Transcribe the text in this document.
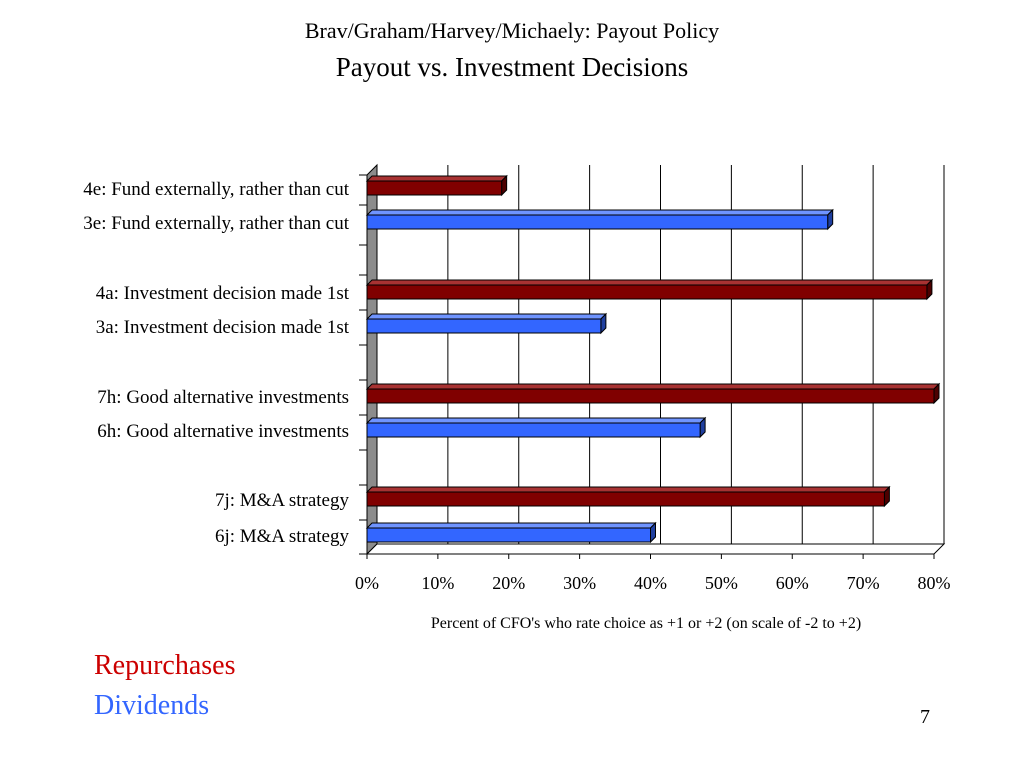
Brav/Graham/Harvey/Michaely: Payout Policy
Payout vs. Investment Decisions
0% 10% 20% 30% 40% 50% 60% 70% 80%
4e: Fund externally, rather than cut
3e: Fund externally, rather than cut
4a: Investment decision made 1st
3a: Investment decision made 1st
7h: Good alternative investments
6h: Good alternative investments
7j: M&A strategy
6j: M&A strategy
Percent of CFO's who rate choice as +1 or +2 (on scale of -2 to +2)
Repurchases
Dividends	7
